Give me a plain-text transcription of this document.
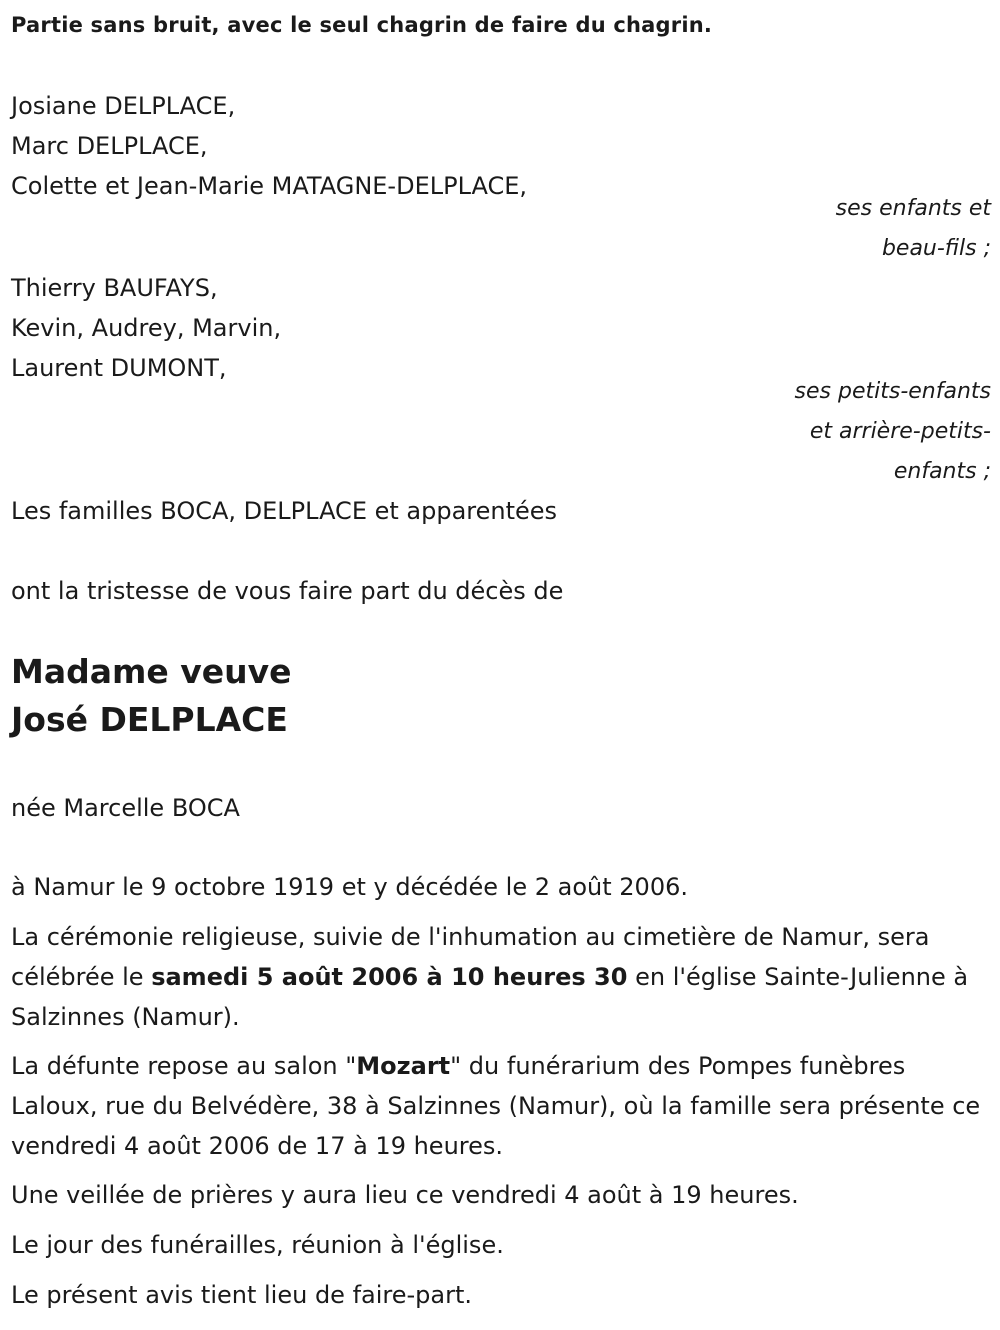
Partie sans bruit, avec le seul chagrin de faire du chagrin.
Josiane DELPLACE,
Marc DELPLACE,
Colette et Jean-Marie MATAGNE-DELPLACE,
ses enfants et
beau-fils ;
Thierry BAUFAYS,
Kevin, Audrey, Marvin,
Laurent DUMONT,
ses petits-enfants
et arrière-petits-
enfants ;
Les familles BOCA, DELPLACE et apparentées
ont la tristesse de vous faire part du décès de
Madame veuve
José DELPLACE
née Marcelle BOCA
à Namur le 9 octobre 1919 et y décédée le 2 août 2006.
La cérémonie religieuse, suivie de l'inhumation au cimetière de Namur, sera célébrée le samedi 5 août 2006 à 10 heures 30 en l'église Sainte-Julienne à Salzinnes (Namur).
La défunte repose au salon "Mozart" du funérarium des Pompes funèbres Laloux, rue du Belvédère, 38 à Salzinnes (Namur), où la famille sera présente ce vendredi 4 août 2006 de 17 à 19 heures.
Une veillée de prières y aura lieu ce vendredi 4 août à 19 heures.
Le jour des funérailles, réunion à l'église.
Le présent avis tient lieu de faire-part.
